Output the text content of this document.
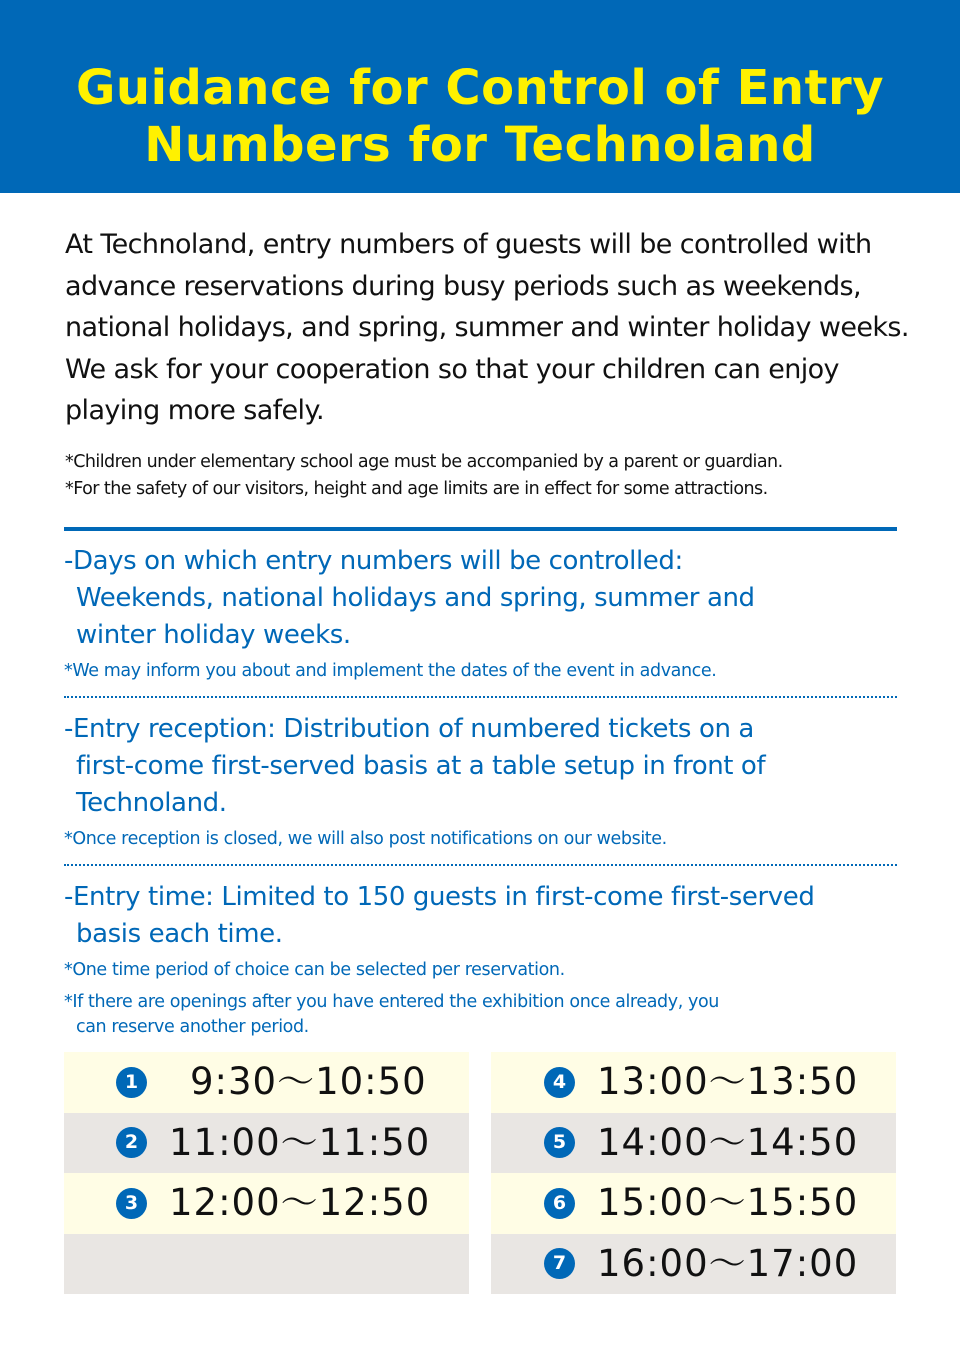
Guidance for Control of Entry
Numbers for Technoland
At Technoland, entry numbers of guests will be controlled with advance reservations during busy periods such as weekends, national holidays, and spring, summer and winter holiday weeks. We ask for your cooperation so that your children can enjoy playing more safely.
*Children under elementary school age must be accompanied by a parent or guardian.
*For the safety of our visitors, height and age limits are in effect for some attractions.
-Days on which entry numbers will be controlled:
Weekends, national holidays and spring, summer and
winter holiday weeks.
*We may inform you about and implement the dates of the event in advance.
-Entry reception: Distribution of numbered tickets on a
first-come first-served basis at a table setup in front of
Technoland.
*Once reception is closed, we will also post notifications on our website.
-Entry time: Limited to 150 guests in first-come first-served
basis each time.
*One time period of choice can be selected per reservation.
*If there are openings after you have entered the exhibition once already, you
can reserve another period.
1 9:30～10:50
2 11:00～11:50
3 12:00～12:50
4 13:00～13:50
5 14:00～14:50
6 15:00～15:50
7 16:00～17:00
